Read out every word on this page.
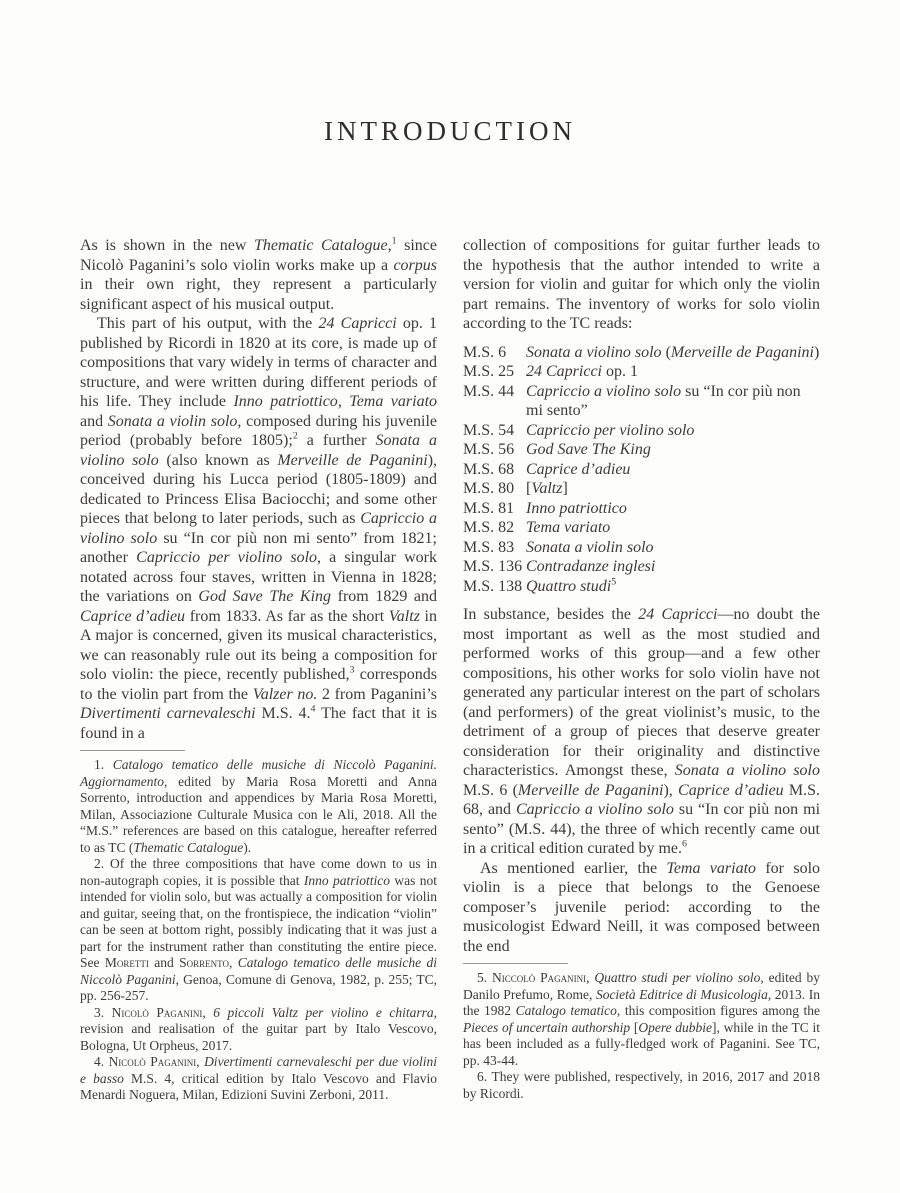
INTRODUCTION

As is shown in the new Thematic Catalogue,$^1$ since Nicolò Paganini’s solo violin works make up a corpus in their own right, they represent a particularly significant aspect of his musical output.

This part of his output, with the 24 Capricci op. 1 published by Ricordi in 1820 at its core, is made up of compositions that vary widely in terms of character and structure, and were written during different periods of his life. They include Inno patriottico, Tema variato and Sonata a violin solo, composed during his juvenile period (probably before 1805);$^2$ a further Sonata a violino solo (also known as Merveille de Paganini), conceived during his Lucca period (1805-1809) and dedicated to Princess Elisa Baciocchi; and some other pieces that belong to later periods, such as Capriccio a violino solo su “In cor più non mi sento” from 1821; another Capriccio per violino solo, a singular work notated across four staves, written in Vienna in 1828; the variations on God Save The King from 1829 and Caprice d’adieu from 1833. As far as the short Valtz in A major is concerned, given its musical characteristics, we can reasonably rule out its being a composition for solo violin: the piece, recently published,$^3$ corresponds to the violin part from the Valzer no. 2 from Paganini’s Divertimenti carnevaleschi M.S. 4.$^4$ The fact that it is found in a

1. Catalogo tematico delle musiche di Niccolò Paganini. Aggiornamento, edited by Maria Rosa Moretti and Anna Sorrento, introduction and appendices by Maria Rosa Moretti, Milan, Associazione Culturale Musica con le Ali, 2018. All the “M.S.” references are based on this catalogue, hereafter referred to as TC (Thematic Catalogue).

2. Of the three compositions that have come down to us in non-autograph copies, it is possible that Inno patriottico was not intended for violin solo, but was actually a composition for violin and guitar, seeing that, on the frontispiece, the indication “violin” can be seen at bottom right, possibly indicating that it was just a part for the instrument rather than constituting the entire piece. See Moretti and Sorrento, Catalogo tematico delle musiche di Niccolò Paganini, Genoa, Comune di Genova, 1982, p. 255; TC, pp. 256-257.

3. Nicolò Paganini, 6 piccoli Valtz per violino e chitarra, revision and realisation of the guitar part by Italo Vescovo, Bologna, Ut Orpheus, 2017.

4. Nicolò Paganini, Divertimenti carnevaleschi per due violini e basso M.S. 4, critical edition by Italo Vescovo and Flavio Menardi Noguera, Milan, Edizioni Suvini Zerboni, 2011.

collection of compositions for guitar further leads to the hypothesis that the author intended to write a version for violin and guitar for which only the violin part remains. The inventory of works for solo violin according to the TC reads:

M.S. 6	Sonata a violino solo (Merveille de Paganini)
M.S. 25 24 Capricci op. 1
M.S. 44 Capriccio a violino solo su “In cor più non mi sento”
M.S. 54 Capriccio per violino solo
M.S. 56 God Save The King
M.S. 68 Caprice d’adieu
M.S. 80 [Valtz]
M.S. 81 Inno patriottico
M.S. 82 Tema variato
M.S. 83 Sonata a violin solo
M.S. 136 Contradanze inglesi
M.S. 138 Quattro studi$^5$

In substance, besides the 24 Capricci—no doubt the most important as well as the most studied and performed works of this group—and a few other compositions, his other works for solo violin have not generated any particular interest on the part of scholars (and performers) of the great violinist’s music, to the detriment of a group of pieces that deserve greater consideration for their originality and distinctive characteristics. Amongst these, Sonata a violino solo M.S. 6 (Merveille de Paganini), Caprice d’adieu M.S. 68, and Capriccio a violino solo su “In cor più non mi sento” (M.S. 44), the three of which recently came out in a critical edition curated by me.$^6$

As mentioned earlier, the Tema variato for solo violin is a piece that belongs to the Genoese composer’s juvenile period: according to the musicologist Edward Neill, it was composed between the end

5. Niccolò Paganini, Quattro studi per violino solo, edited by Danilo Prefumo, Rome, Società Editrice di Musicologia, 2013. In the 1982 Catalogo tematico, this composition figures among the Pieces of uncertain authorship [Opere dubbie], while in the TC it has been included as a fully-fledged work of Paganini. See TC, pp. 43-44.

6. They were published, respectively, in 2016, 2017 and 2018 by Ricordi.
